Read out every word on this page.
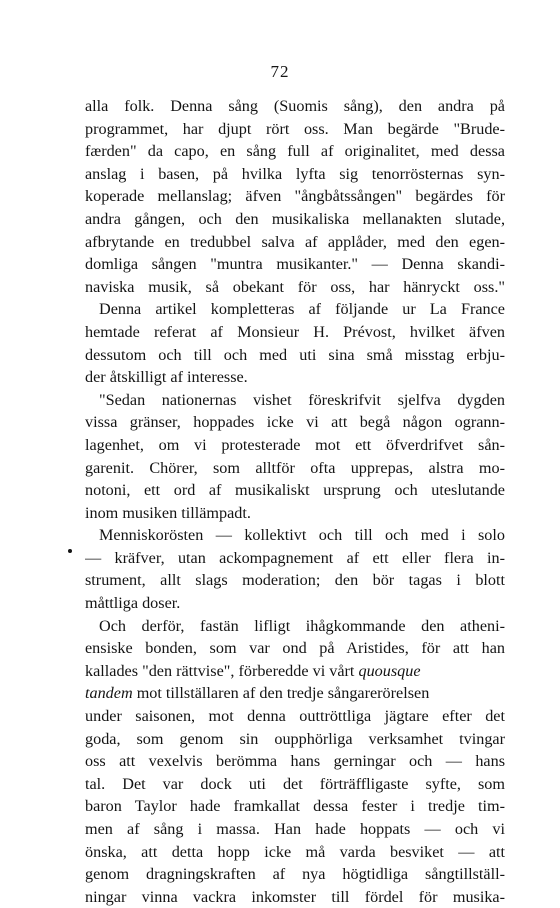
72
alla folk. Denna sång (Suomis sång), den andra på
programmet, har djupt rört oss. Man begärde "Brude-
færden" da capo, en sång full af originalitet, med dessa
anslag i basen, på hvilka lyfta sig tenorrösternas syn-
koperade mellanslag; äfven "ångbåtssången" begärdes för
andra gången, och den musikaliska mellanakten slutade,
afbrytande en tredubbel salva af applåder, med den egen-
domliga sången "muntra musikanter." — Denna skandi-
naviska musik, så obekant för oss, har hänryckt oss."
Denna artikel kompletteras af följande ur La France
hemtade referat af Monsieur H. Prévost, hvilket äfven
dessutom och till och med uti sina små misstag erbju-
der åtskilligt af interesse.
"Sedan nationernas vishet föreskrifvit sjelfva dygden
vissa gränser, hoppades icke vi att begå någon ogrann-
lagenhet, om vi protesterade mot ett öfverdrifvet sån-
garenit. Chörer, som alltför ofta upprepas, alstra mo-
notoni, ett ord af musikaliskt ursprung och uteslutande
inom musiken tillämpadt.
Menniskorösten — kollektivt och till och med i solo
— kräfver, utan ackompagnement af ett eller flera in-
strument, allt slags moderation; den bör tagas i blott
måttliga doser.
Och derför, fastän lifligt ihågkommande den atheni-
ensiske bonden, som var ond på Aristides, för att han
kallades "den rättvise", förberedde vi vårt quousque
tandem mot tillställaren af den tredje sångarerörelsen
under saisonen, mot denna outtröttliga jägtare efter det
goda, som genom sin oupphörliga verksamhet tvingar
oss att vexelvis berömma hans gerningar och — hans
tal. Det var dock uti det förträffligaste syfte, som
baron Taylor hade framkallat dessa fester i tredje tim-
men af sång i massa. Han hade hoppats — och vi
önska, att detta hopp icke må varda besviket — att
genom dragningskraften af nya högtidliga sångtillställ-
ningar vinna vackra inkomster till fördel för musika-
